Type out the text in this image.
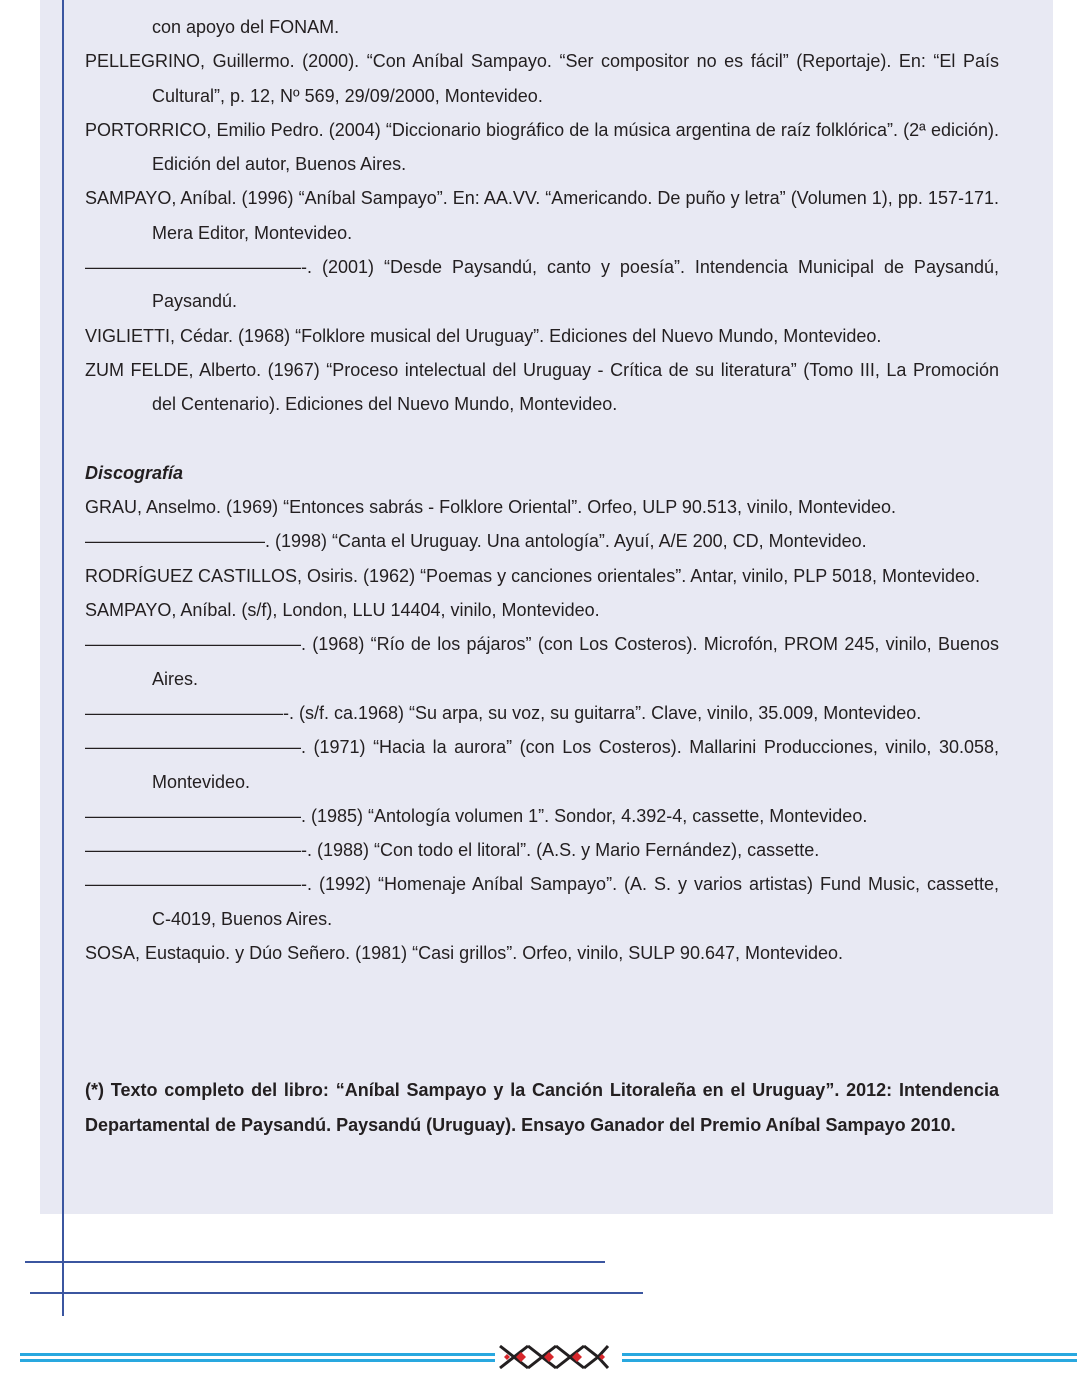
con apoyo del FONAM.

PELLEGRINO, Guillermo. (2000). “Con Aníbal Sampayo. “Ser compositor no es fácil” (Reportaje). En: “El País Cultural”, p. 12, Nº 569, 29/09/2000, Montevideo.

PORTORRICO, Emilio Pedro. (2004) “Diccionario biográfico de la música argentina de raíz folklórica”. (2ª edición). Edición del autor, Buenos Aires.

SAMPAYO, Aníbal. (1996) “Aníbal Sampayo”. En: AA.VV. “Americando. De puño y letra” (Volumen 1), pp. 157-171. Mera Editor, Montevideo.

————————————-. (2001) “Desde Paysandú, canto y poesía”. Intendencia Municipal de Paysandú, Paysandú.

VIGLIETTI, Cédar. (1968) “Folklore musical del Uruguay”. Ediciones del Nuevo Mundo, Montevideo.

ZUM FELDE, Alberto. (1967) “Proceso intelectual del Uruguay - Crítica de su literatura” (Tomo III, La Promoción del Centenario). Ediciones del Nuevo Mundo, Montevideo.

Discografía

GRAU, Anselmo. (1969) “Entonces sabrás - Folklore Oriental”. Orfeo, ULP 90.513, vinilo, Montevideo.

——————————. (1998) “Canta el Uruguay. Una antología”. Ayuí, A/E 200, CD, Montevideo.

RODRÍGUEZ CASTILLOS, Osiris. (1962) “Poemas y canciones orientales”. Antar, vinilo, PLP 5018, Montevideo.

SAMPAYO, Aníbal. (s/f), London, LLU 14404, vinilo, Montevideo.

————————————. (1968) “Río de los pájaros” (con Los Costeros). Microfón, PROM 245, vinilo, Buenos Aires.

———————————-. (s/f. ca.1968) “Su arpa, su voz, su guitarra”. Clave, vinilo, 35.009, Montevideo.

————————————. (1971) “Hacia la aurora” (con Los Costeros). Mallarini Producciones, vinilo, 30.058, Montevideo.

————————————. (1985) “Antología volumen 1”. Sondor, 4.392-4, cassette, Montevideo.

————————————-. (1988) “Con todo el litoral”. (A.S. y Mario Fernández), cassette.

————————————-. (1992) “Homenaje Aníbal Sampayo”. (A. S. y varios artistas) Fund Music, cassette, C-4019, Buenos Aires.

SOSA, Eustaquio. y Dúo Señero. (1981) “Casi grillos”. Orfeo, vinilo, SULP 90.647, Montevideo.

(*) Texto completo del libro: “Aníbal Sampayo y la Canción Litoraleña en el Uruguay”. 2012: Intendencia Departamental de Paysandú. Paysandú (Uruguay). Ensayo Ganador del Premio Aníbal Sampayo 2010.
